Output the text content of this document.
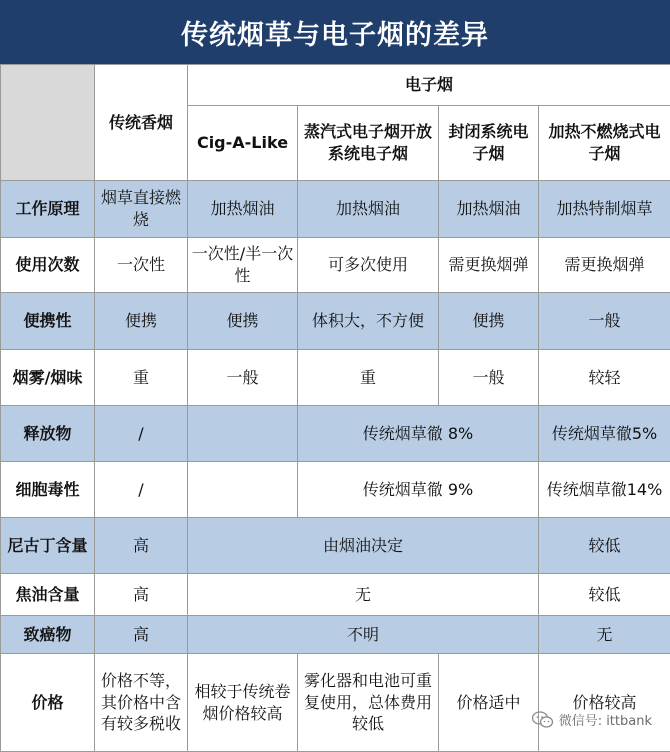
传统烟草与电子烟的差异
	传统香烟	电子烟			
		Cig-A-Like	蒸汽式电子烟开放系统电子烟	封闭系统电子烟	加热不燃烧式电子烟
工作原理	烟草直接燃烧	加热烟油	加热烟油	加热烟油	加热特制烟草
使用次数	一次性	一次性/半一次性	可多次使用	需更换烟弹	需更换烟弹
便携性	便携	便携	体积大，不方便	便携	一般
烟雾/烟味	重	一般	重	一般	较轻
释放物	/		传统烟草徹 8%		传统烟草徹5%
细胞毒性	/		传统烟草徹 9%		传统烟草徹14%
尼古丁含量	高	由烟油决定			较低
焦油含量	高	无			较低
致癌物	高	不明			无
价格	价格不等，其价格中含有较多税收	相较于传统卷烟价格较高	雾化器和电池可重复使用，总体费用较低	价格适中	价格较高
微信号: ittbank
